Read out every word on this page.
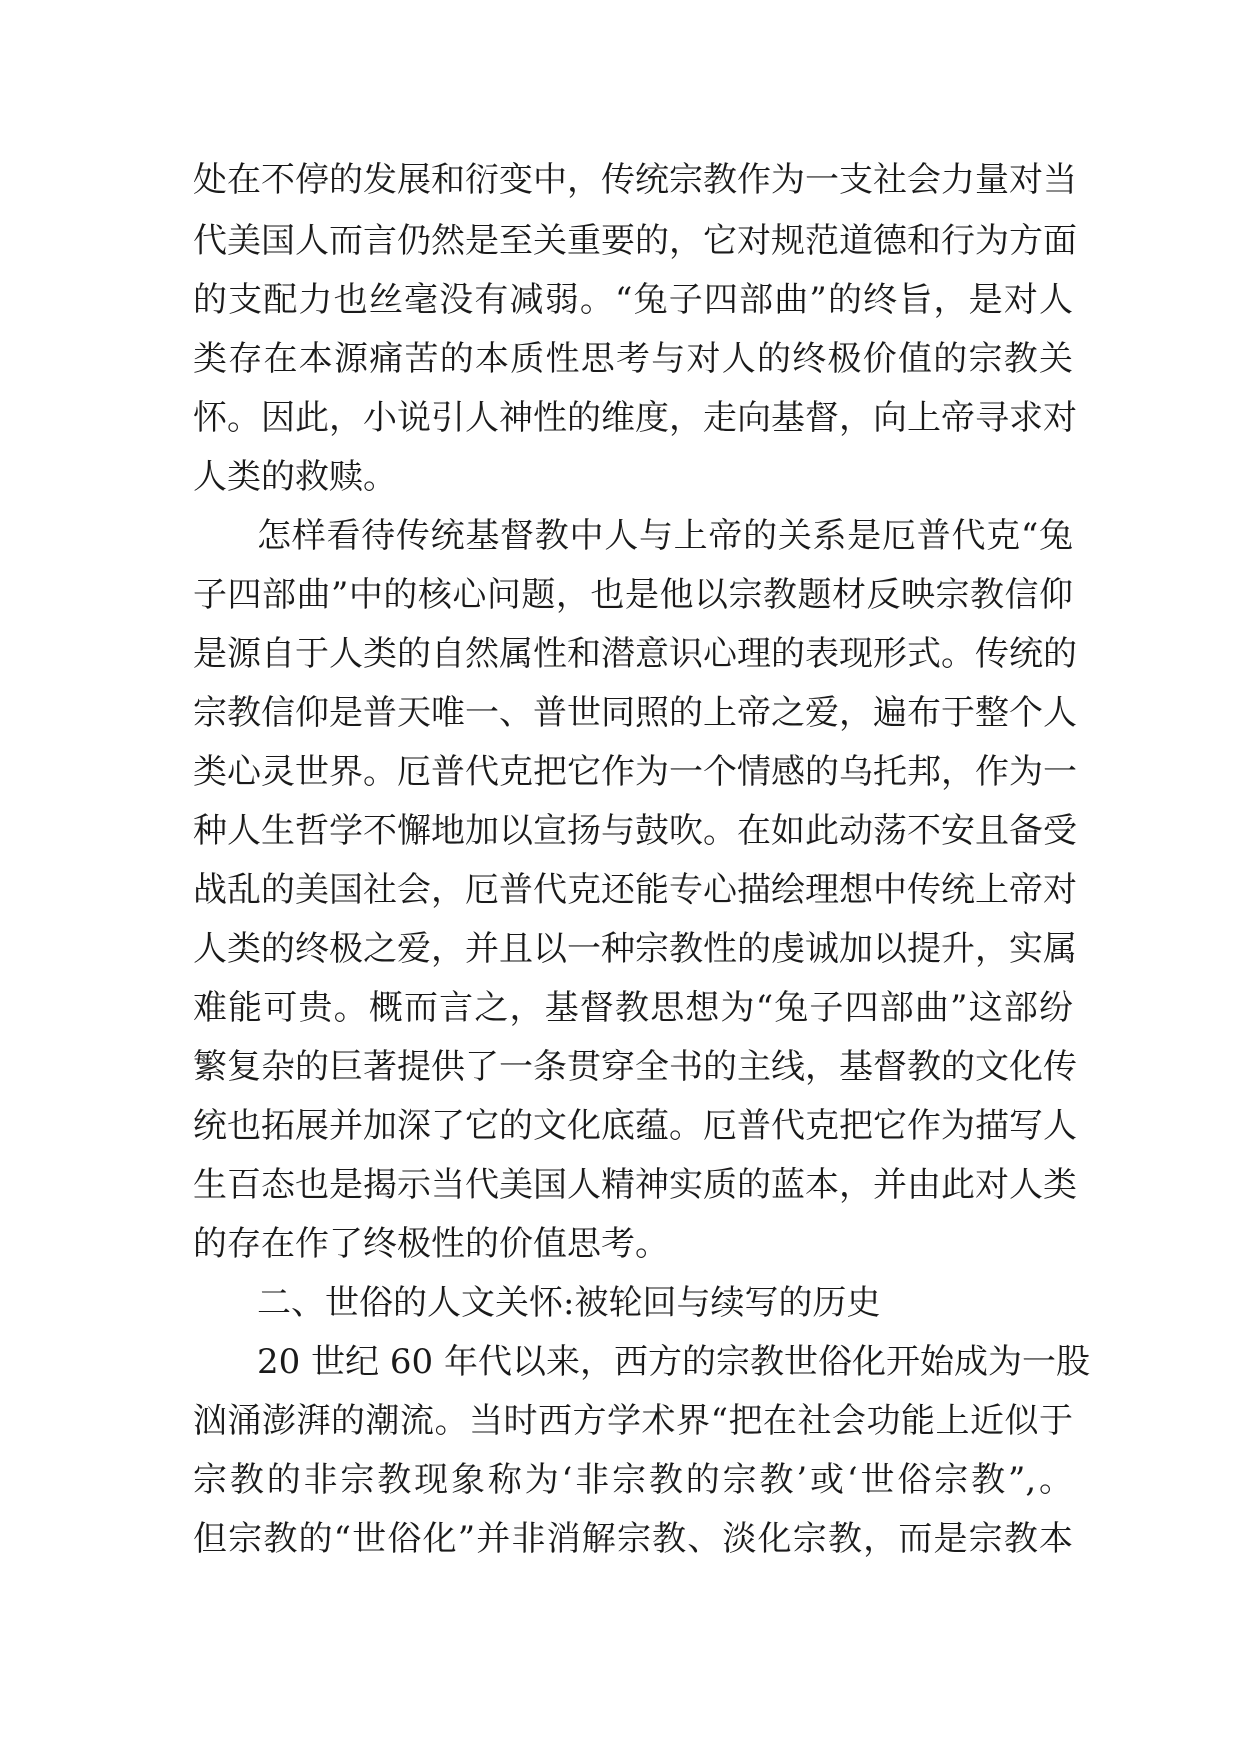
处在不停的发展和衍变中，传统宗教作为一支社会力量对当
代美国人而言仍然是至关重要的，它对规范道德和行为方面
的支配力也丝毫没有减弱。“兔子四部曲”的终旨，是对人
类存在本源痛苦的本质性思考与对人的终极价值的宗教关
怀。因此，小说引人神性的维度，走向基督，向上帝寻求对
人类的救赎。
怎样看待传统基督教中人与上帝的关系是厄普代克“兔
子四部曲”中的核心问题，也是他以宗教题材反映宗教信仰
是源自于人类的自然属性和潜意识心理的表现形式。传统的
宗教信仰是普天唯一、普世同照的上帝之爱，遍布于整个人
类心灵世界。厄普代克把它作为一个情感的乌托邦，作为一
种人生哲学不懈地加以宣扬与鼓吹。在如此动荡不安且备受
战乱的美国社会，厄普代克还能专心描绘理想中传统上帝对
人类的终极之爱，并且以一种宗教性的虔诚加以提升，实属
难能可贵。概而言之，基督教思想为“兔子四部曲”这部纷
繁复杂的巨著提供了一条贯穿全书的主线，基督教的文化传
统也拓展并加深了它的文化底蕴。厄普代克把它作为描写人
生百态也是揭示当代美国人精神实质的蓝本，并由此对人类
的存在作了终极性的价值思考。
二、世俗的人文关怀:被轮回与续写的历史
20 世纪 60 年代以来，西方的宗教世俗化开始成为一股
汹涌澎湃的潮流。当时西方学术界“把在社会功能上近似于
宗教的非宗教现象称为‘非宗教的宗教’或‘世俗宗教”,。
但宗教的“世俗化”并非消解宗教、淡化宗教，而是宗教本
